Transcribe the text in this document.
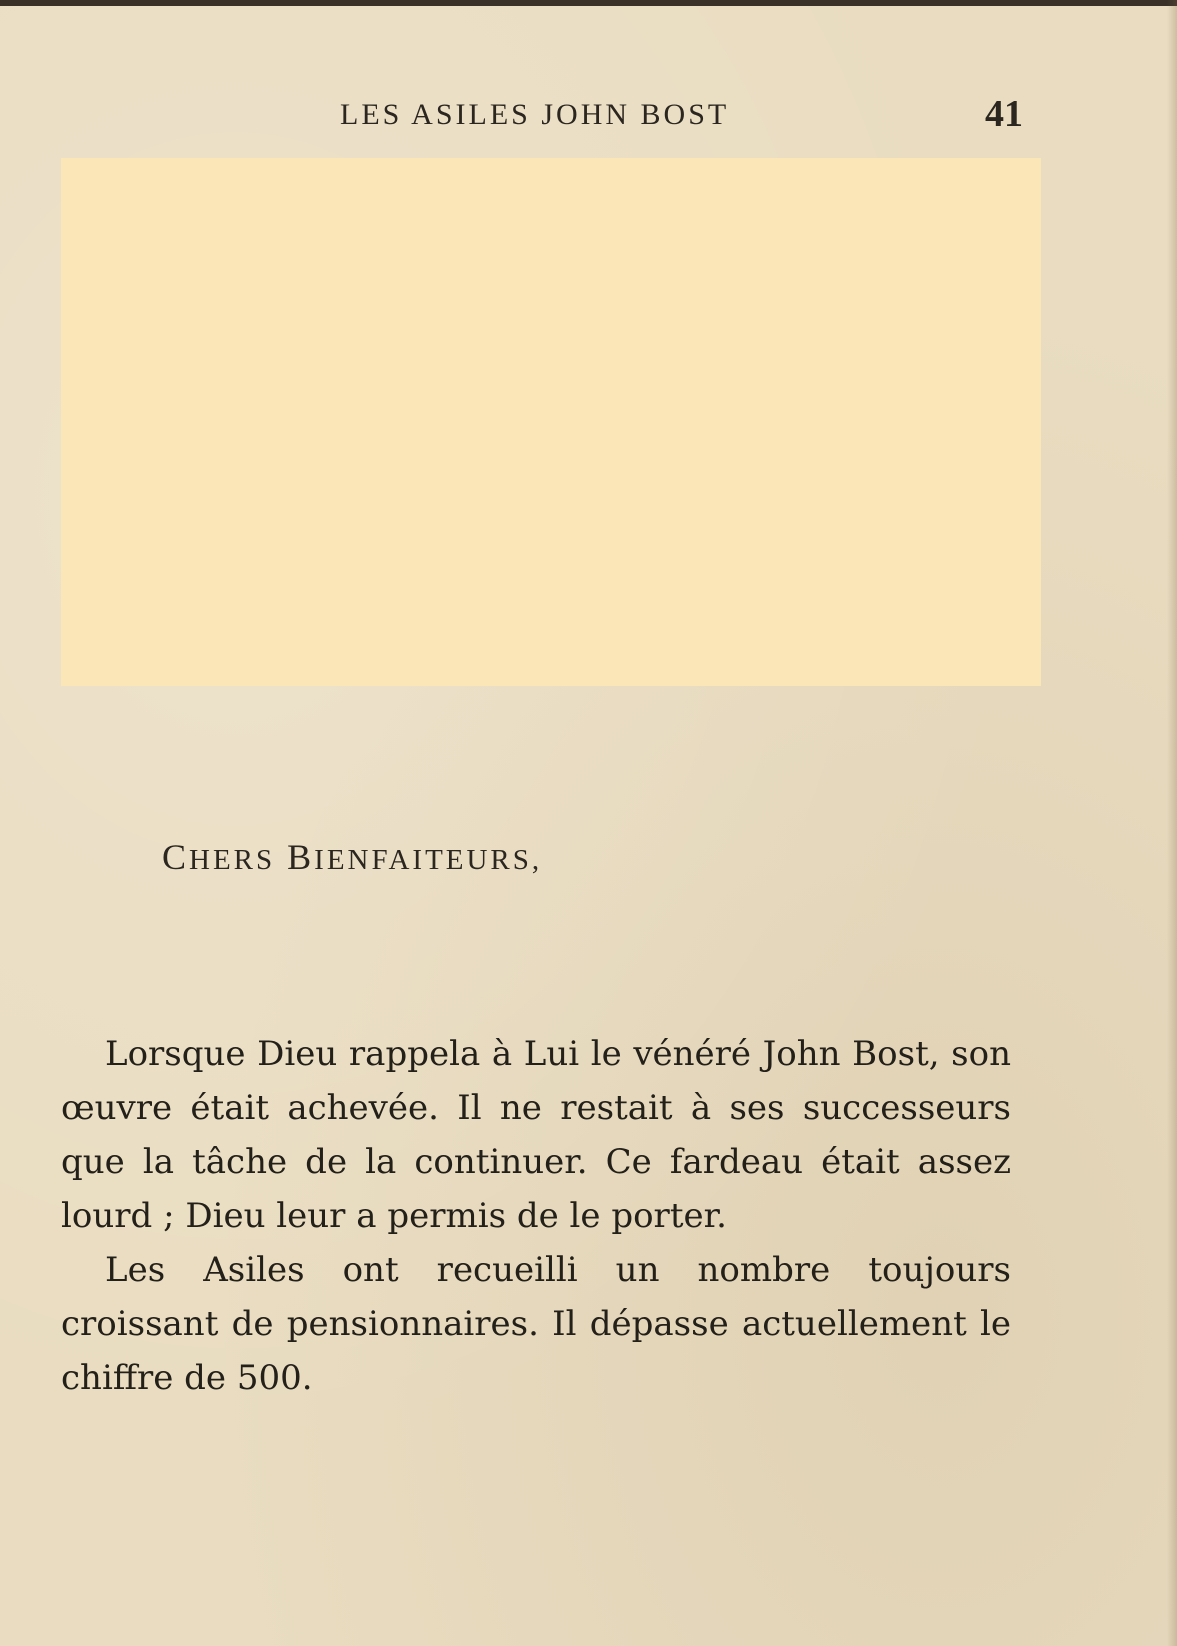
LES ASILES JOHN BOST	41
CHERS BIENFAITEURS,

Lorsque Dieu rappela à Lui le vénéré John Bost, son œuvre était achevée. Il ne restait à ses successeurs que la tâche de la continuer. Ce fardeau était assez lourd ; Dieu leur a permis de le porter.

Les Asiles ont recueilli un nombre toujours croissant de pensionnaires. Il dépasse actuellement le chiffre de 500.
